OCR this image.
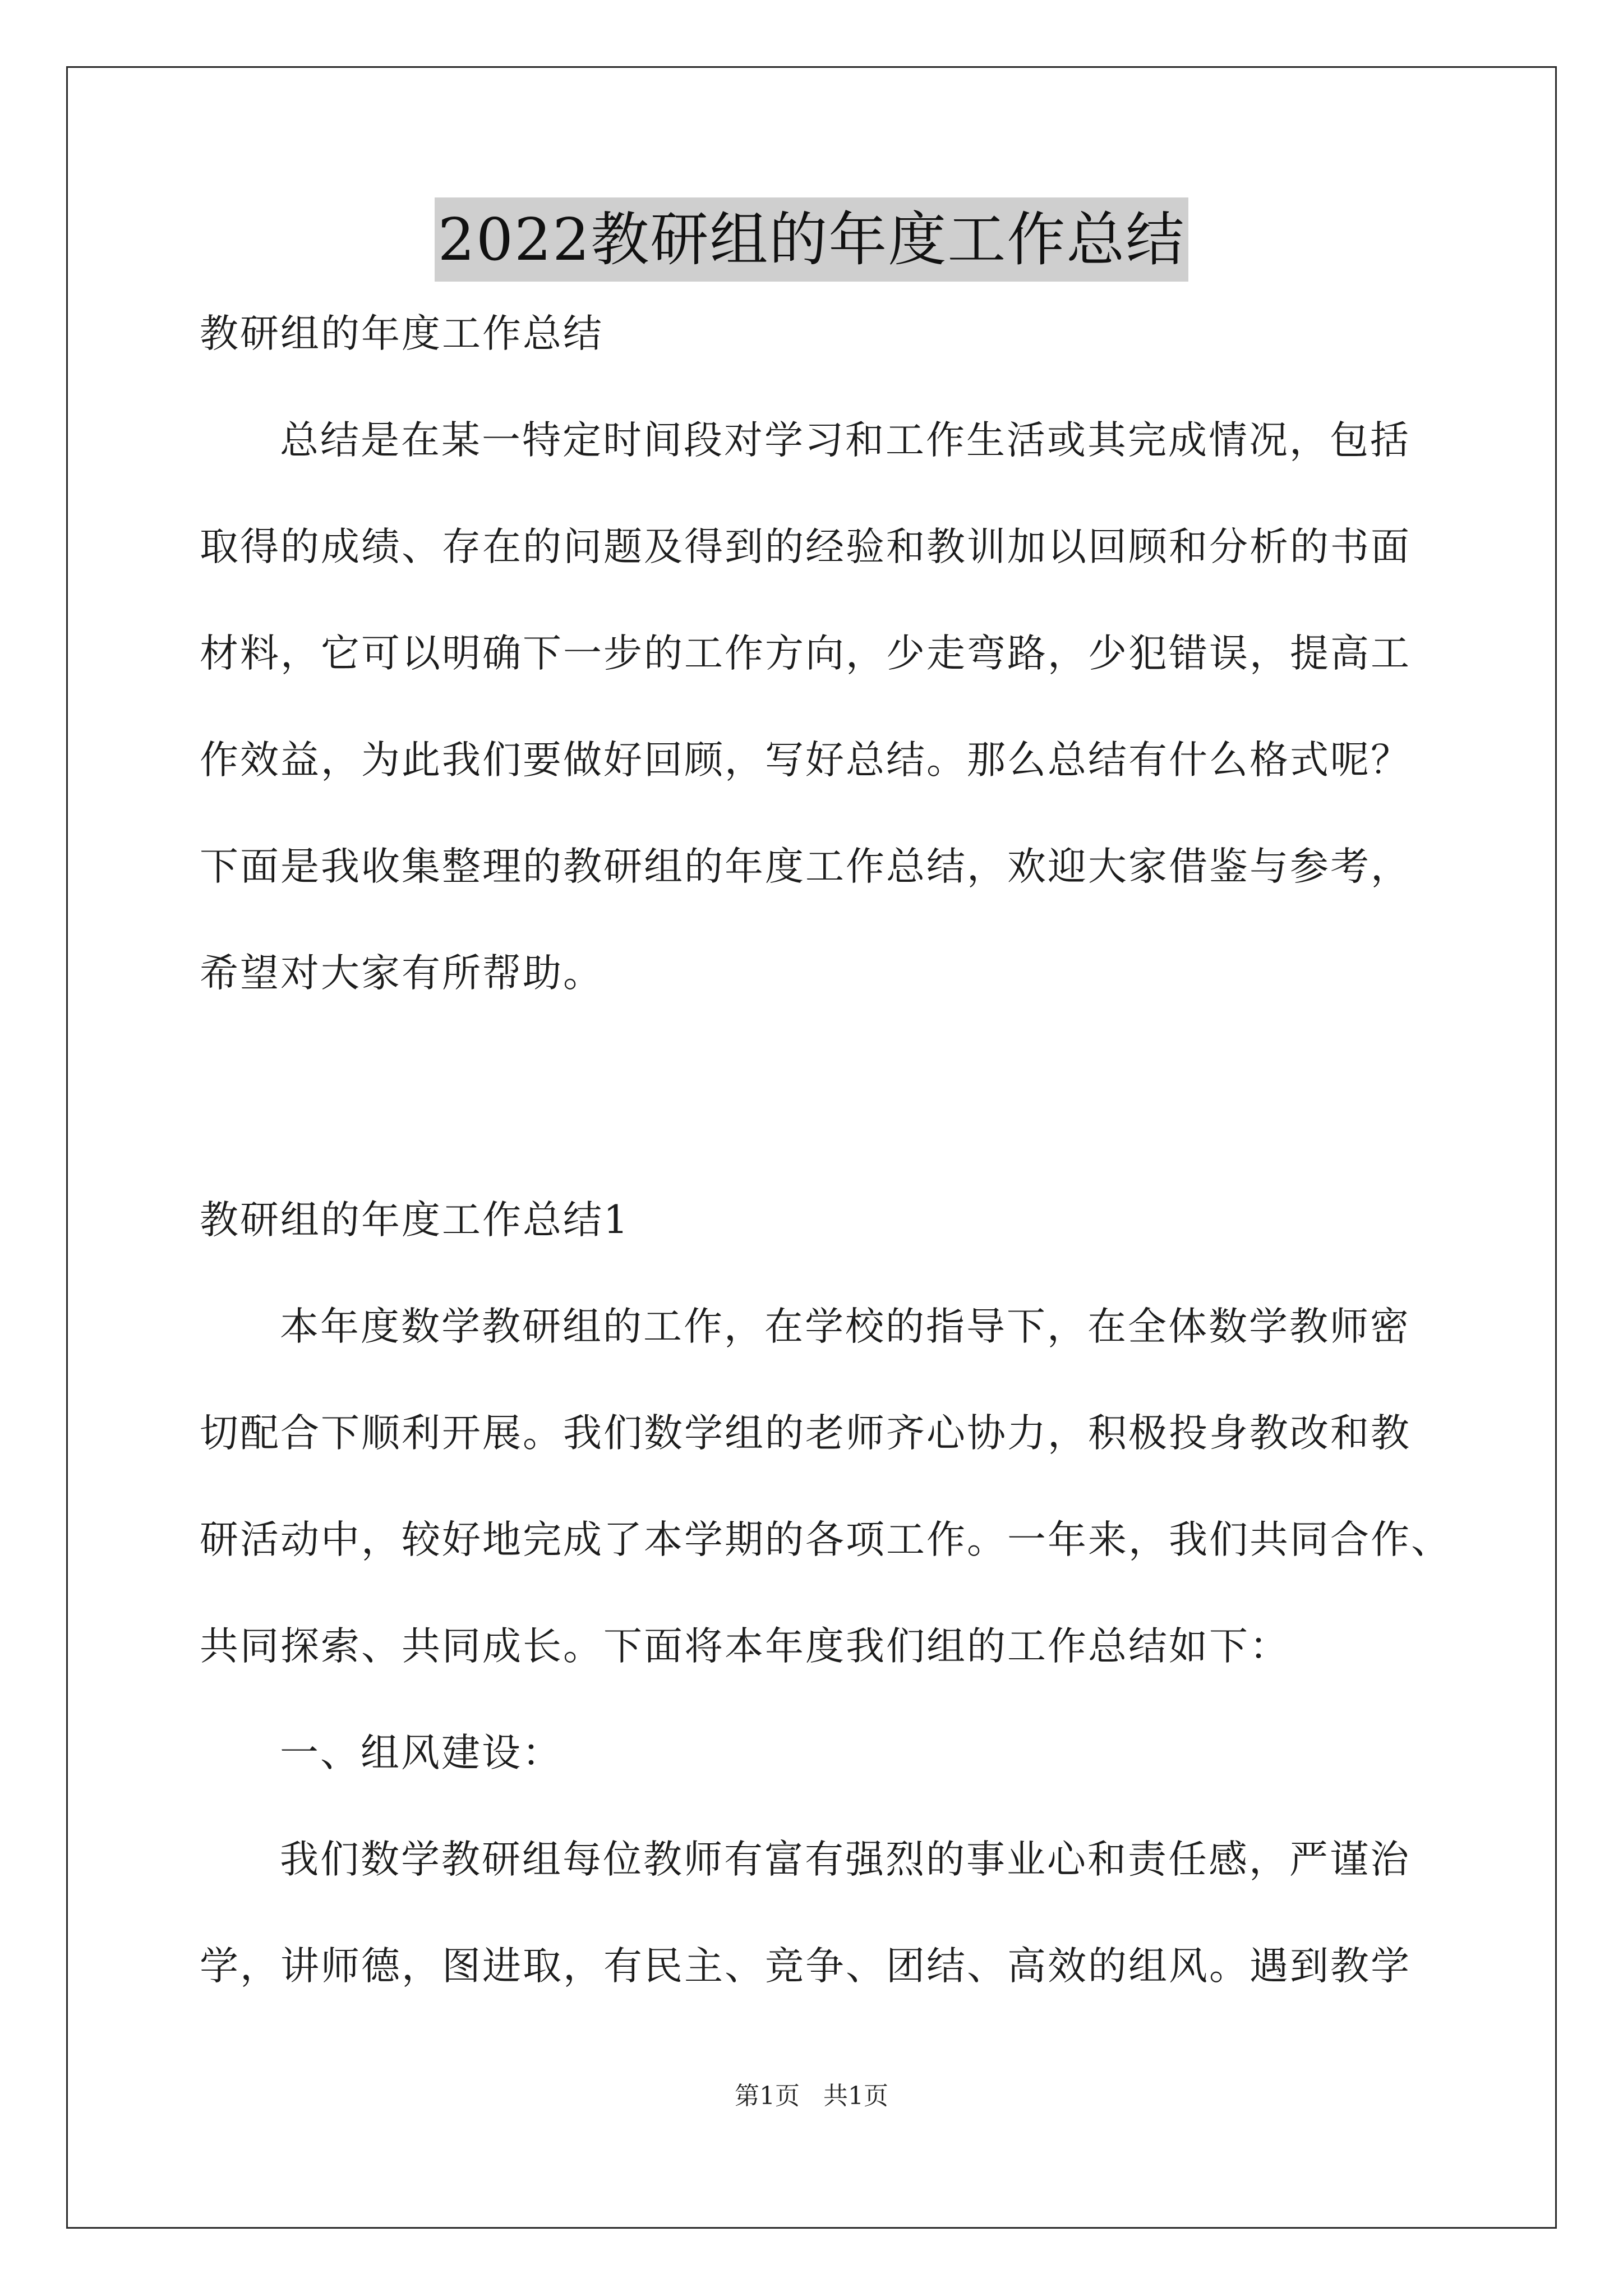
2022教研组的年度工作总结
教研组的年度工作总结
总结是在某一特定时间段对学习和工作生活或其完成情况，包括
取得的成绩、存在的问题及得到的经验和教训加以回顾和分析的书面
材料，它可以明确下一步的工作方向，少走弯路，少犯错误，提高工
作效益，为此我们要做好回顾，写好总结。那么总结有什么格式呢？
下面是我收集整理的教研组的年度工作总结，欢迎大家借鉴与参考，
希望对大家有所帮助。
教研组的年度工作总结1
本年度数学教研组的工作，在学校的指导下，在全体数学教师密
切配合下顺利开展。我们数学组的老师齐心协力，积极投身教改和教
研活动中，较好地完成了本学期的各项工作。一年来，我们共同合作、
共同探索、共同成长。下面将本年度我们组的工作总结如下：
一、组风建设：
我们数学教研组每位教师有富有强烈的事业心和责任感，严谨治
学，讲师德，图进取，有民主、竞争、团结、高效的组风。遇到教学
第1页   共1页
